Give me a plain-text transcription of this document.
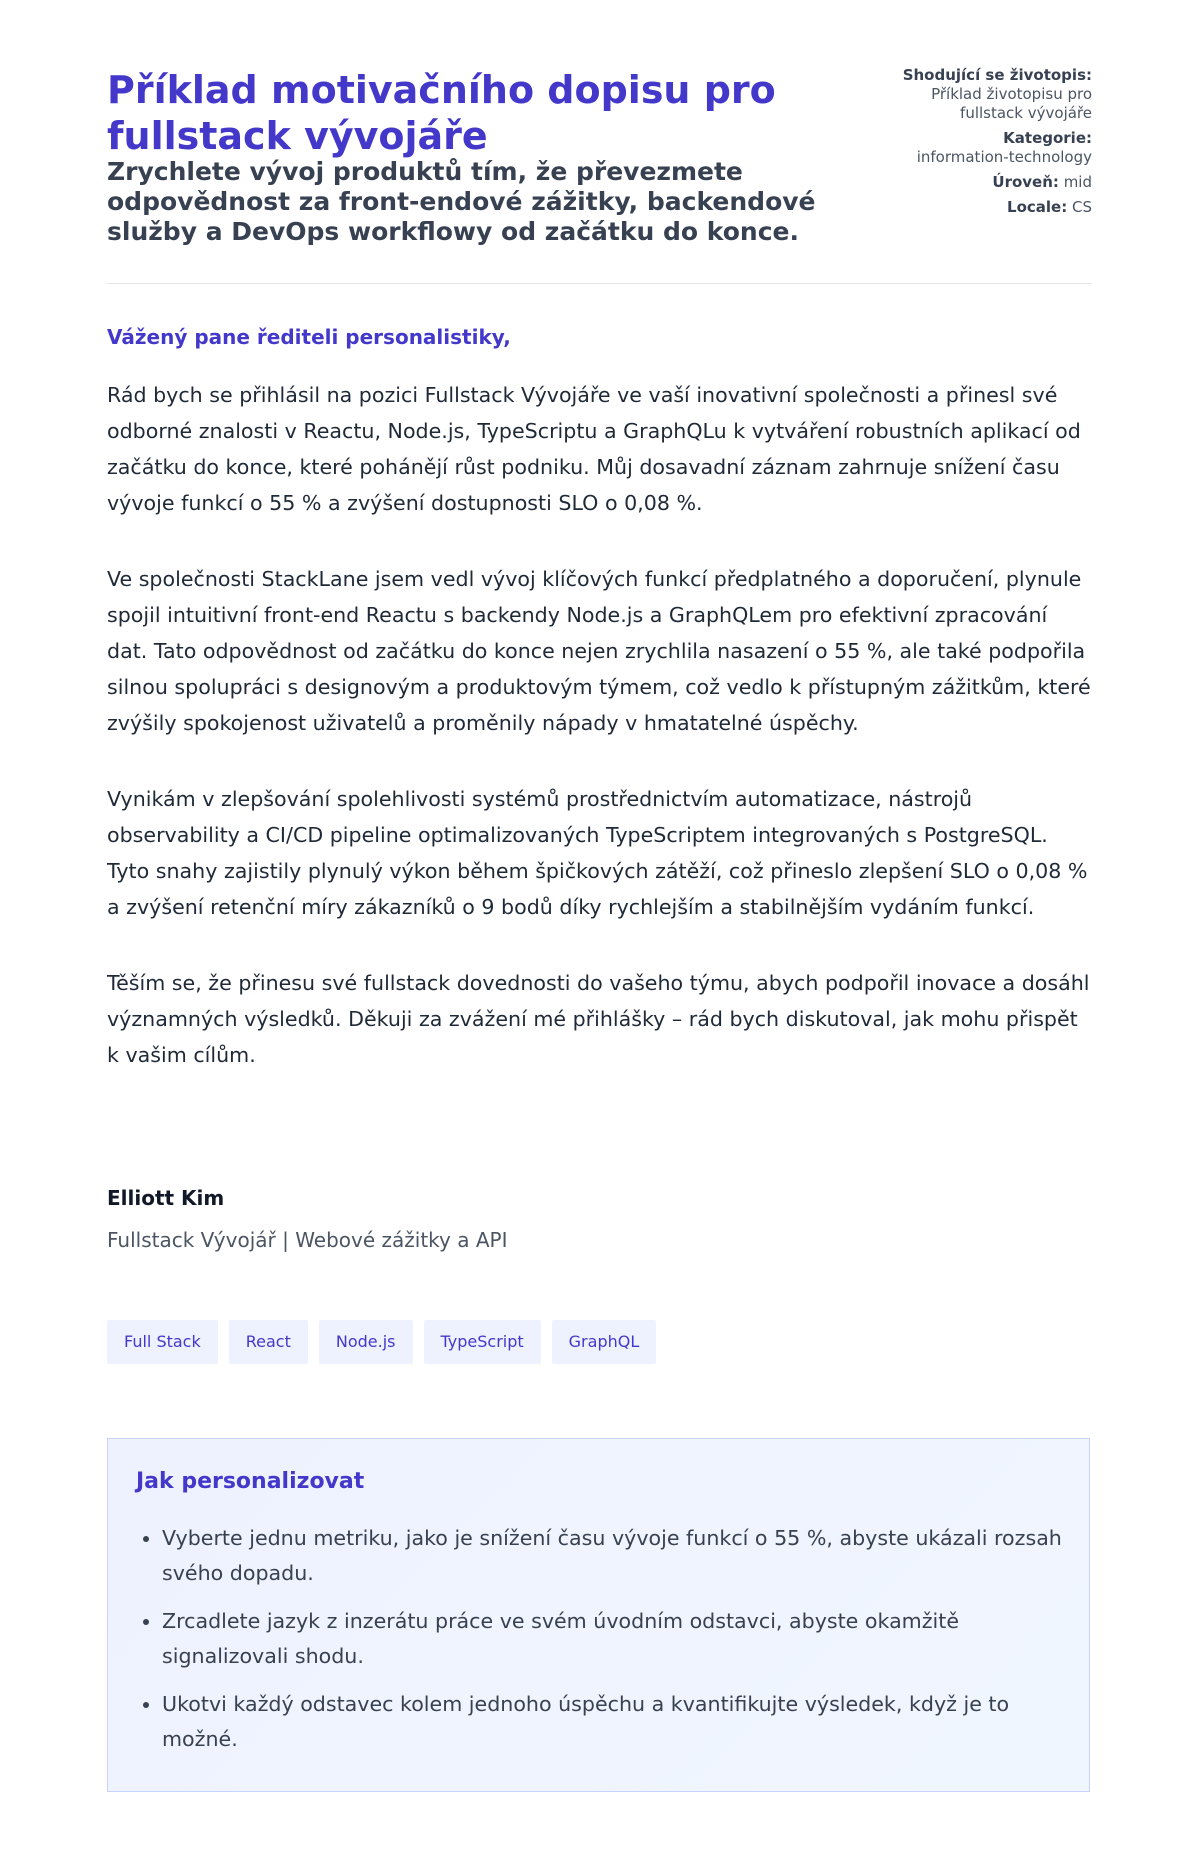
Příklad motivačního dopisu pro fullstack vývojáře
Zrychlete vývoj produktů tím, že převezmete odpovědnost za front-endové zážitky, backendové služby a DevOps workflowy od začátku do konce.
Shodující se životopis: Příklad životopisu pro fullstack vývojáře
Kategorie:
information-technology
Úroveň: mid
Locale: CS

Vážený pane řediteli personalistiky,

Rád bych se přihlásil na pozici Fullstack Vývojáře ve vaší inovativní společnosti a přinesl své odborné znalosti v Reactu, Node.js, TypeScriptu a GraphQLu k vytváření robustních aplikací od začátku do konce, které pohánějí růst podniku. Můj dosavadní záznam zahrnuje snížení času vývoje funkcí o 55 % a zvýšení dostupnosti SLO o 0,08 %.

Ve společnosti StackLane jsem vedl vývoj klíčových funkcí předplatného a doporučení, plynule spojil intuitivní front-end Reactu s backendy Node.js a GraphQLem pro efektivní zpracování dat. Tato odpovědnost od začátku do konce nejen zrychlila nasazení o 55 %, ale také podpořila silnou spolupráci s designovým a produktovým týmem, což vedlo k přístupným zážitkům, které zvýšily spokojenost uživatelů a proměnily nápady v hmatatelné úspěchy.

Vynikám v zlepšování spolehlivosti systémů prostřednictvím automatizace, nástrojů observability a CI/CD pipeline optimalizovaných TypeScriptem integrovaných s PostgreSQL. Tyto snahy zajistily plynulý výkon během špičkových zátěží, což přineslo zlepšení SLO o 0,08 % a zvýšení retenční míry zákazníků o 9 bodů díky rychlejším a stabilnějším vydáním funkcí.

Těším se, že přinesu své fullstack dovednosti do vašeho týmu, abych podpořil inovace a dosáhl významných výsledků. Děkuji za zvážení mé přihlášky – rád bych diskutoval, jak mohu přispět k vašim cílům.

Elliott Kim
Fullstack Vývojář | Webové zážitky a API
Full Stack	React	Node.js	TypeScript	GraphQL
Jak personalizovat
• Vyberte jednu metriku, jako je snížení času vývoje funkcí o 55 %, abyste ukázali rozsah svého dopadu.
• Zrcadlete jazyk z inzerátu práce ve svém úvodním odstavci, abyste okamžitě signalizovali shodu.
• Ukotvi každý odstavec kolem jednoho úspěchu a kvantifikujte výsledek, když je to možné.
